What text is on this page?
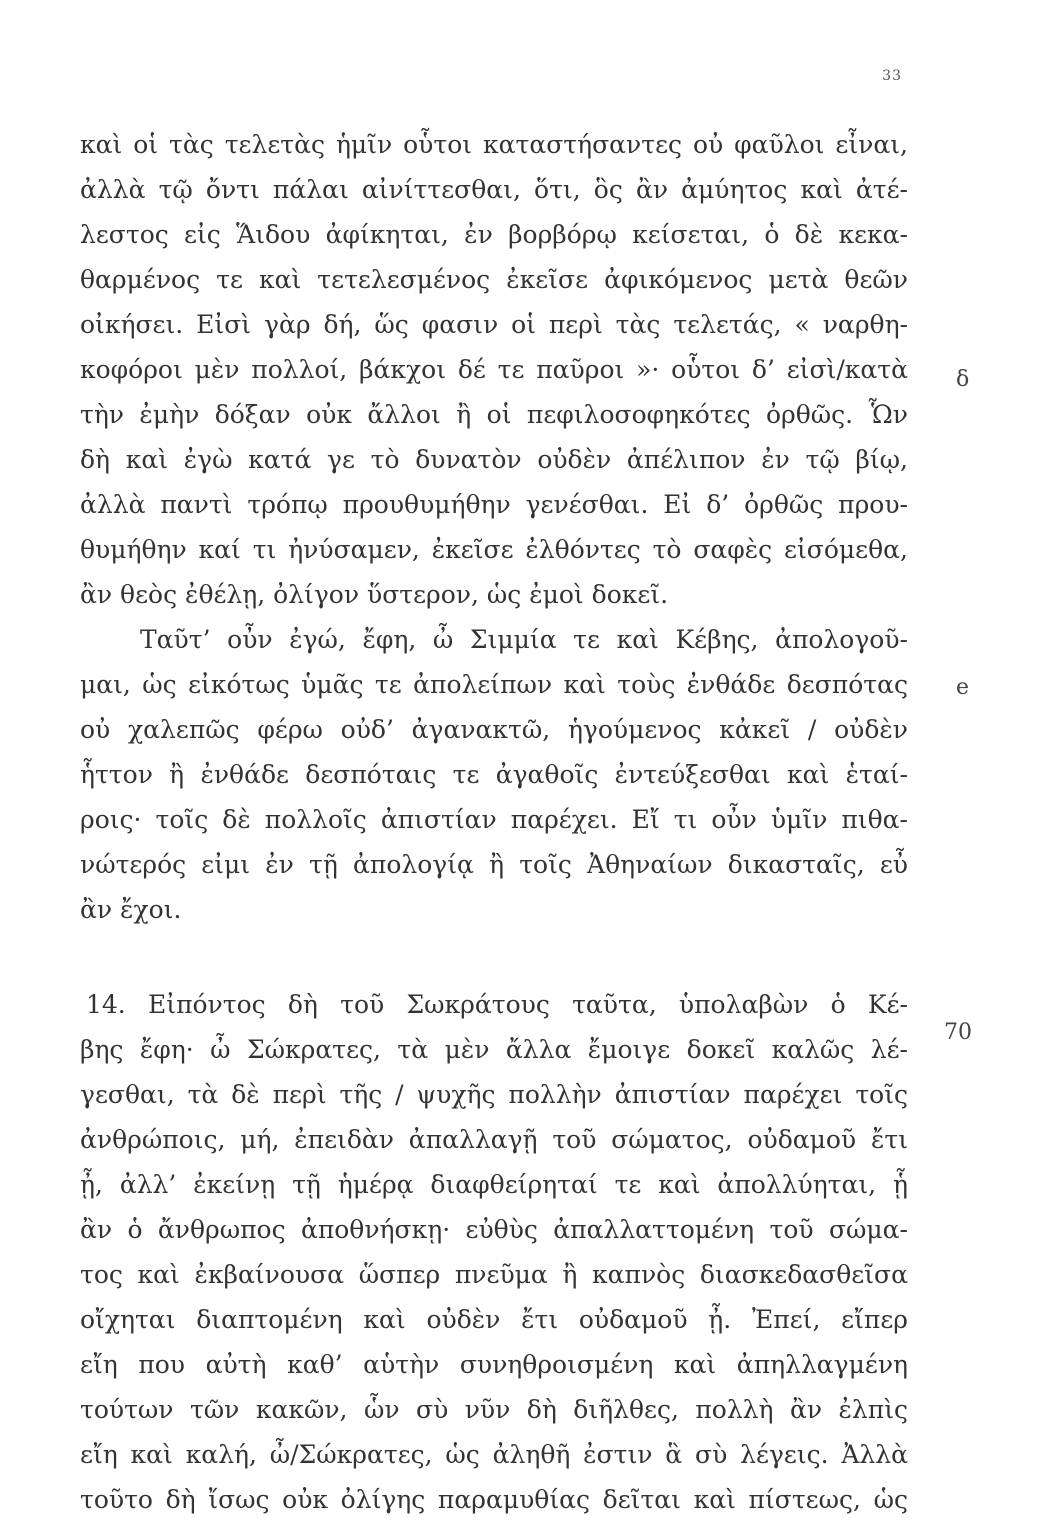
33
καὶ οἱ τὰς τελετὰς ἡμῖν οὗτοι καταστήσαντες οὐ φαῦλοι εἶναι,
ἀλλὰ τῷ ὄντι πάλαι αἰνίττεσθαι, ὅτι, ὃς ἂν ἀμύητος καὶ ἀτέ-
λεστος εἰς Ἅιδου ἀφίκηται, ἐν βορβόρῳ κείσεται, ὁ δὲ κεκα-
θαρμένος τε καὶ τετελεσμένος ἐκεῖσε ἀφικόμενος μετὰ θεῶν
οἰκήσει. Εἰσὶ γὰρ δή, ὥς φασιν οἱ περὶ τὰς τελετάς, « ναρθη-
κοφόροι μὲν πολλοί, βάκχοι δέ τε παῦροι »· οὗτοι δ’ εἰσὶ/κατὰ
τὴν ἐμὴν δόξαν οὐκ ἄλλοι ἢ οἱ πεφιλοσοφηκότες ὀρθῶς. Ὧν
δὴ καὶ ἐγὼ κατά γε τὸ δυνατὸν οὐδὲν ἀπέλιπον ἐν τῷ βίῳ,
ἀλλὰ παντὶ τρόπῳ προυθυμήθην γενέσθαι. Εἰ δ’ ὀρθῶς πρου-
θυμήθην καί τι ἠνύσαμεν, ἐκεῖσε ἐλθόντες τὸ σαφὲς εἰσόμεθα,
ἂν θεὸς ἐθέλῃ, ὀλίγον ὕστερον, ὡς ἐμοὶ δοκεῖ.
Ταῦτ’ οὖν ἐγώ, ἔφη, ὦ Σιμμία τε καὶ Κέβης, ἀπολογοῦ-
μαι, ὡς εἰκότως ὑμᾶς τε ἀπολείπων καὶ τοὺς ἐνθάδε δεσπότας
οὐ χαλεπῶς φέρω οὐδ’ ἀγανακτῶ, ἡγούμενος κἀκεῖ / οὐδὲν
ἧττον ἢ ἐνθάδε δεσπόταις τε ἀγαθοῖς ἐντεύξεσθαι καὶ ἑταί-
ροις· τοῖς δὲ πολλοῖς ἀπιστίαν παρέχει. Εἴ τι οὖν ὑμῖν πιθα-
νώτερός εἰμι ἐν τῇ ἀπολογίᾳ ἢ τοῖς Ἀθηναίων δικασταῖς, εὖ
ἂν ἔχοι.
14. Εἰπόντος δὴ τοῦ Σωκράτους ταῦτα, ὑπολαβὼν ὁ Κέ-
βης ἔφη· ὦ Σώκρατες, τὰ μὲν ἄλλα ἔμοιγε δοκεῖ καλῶς λέ-
γεσθαι, τὰ δὲ περὶ τῆς / ψυχῆς πολλὴν ἀπιστίαν παρέχει τοῖς
ἀνθρώποις, μή, ἐπειδὰν ἀπαλλαγῇ τοῦ σώματος, οὐδαμοῦ ἔτι
ᾖ, ἀλλ’ ἐκείνῃ τῇ ἡμέρᾳ διαφθείρηταί τε καὶ ἀπολλύηται, ᾗ
ἂν ὁ ἄνθρωπος ἀποθνήσκῃ· εὐθὺς ἀπαλλαττομένη τοῦ σώμα-
τος καὶ ἐκβαίνουσα ὥσπερ πνεῦμα ἢ καπνὸς διασκεδασθεῖσα
οἴχηται διαπτομένη καὶ οὐδὲν ἔτι οὐδαμοῦ ᾖ. Ἐπεί, εἴπερ
εἴη που αὐτὴ καθ’ αὑτὴν συνηθροισμένη καὶ ἀπηλλαγμένη
τούτων τῶν κακῶν, ὧν σὺ νῦν δὴ διῆλθες, πολλὴ ἂν ἐλπὶς
εἴη καὶ καλή, ὦ/Σώκρατες, ὡς ἀληθῆ ἐστιν ἃ σὺ λέγεις. Ἀλλὰ
τοῦτο δὴ ἴσως οὐκ ὀλίγης παραμυθίας δεῖται καὶ πίστεως, ὡς
δ
e
70
